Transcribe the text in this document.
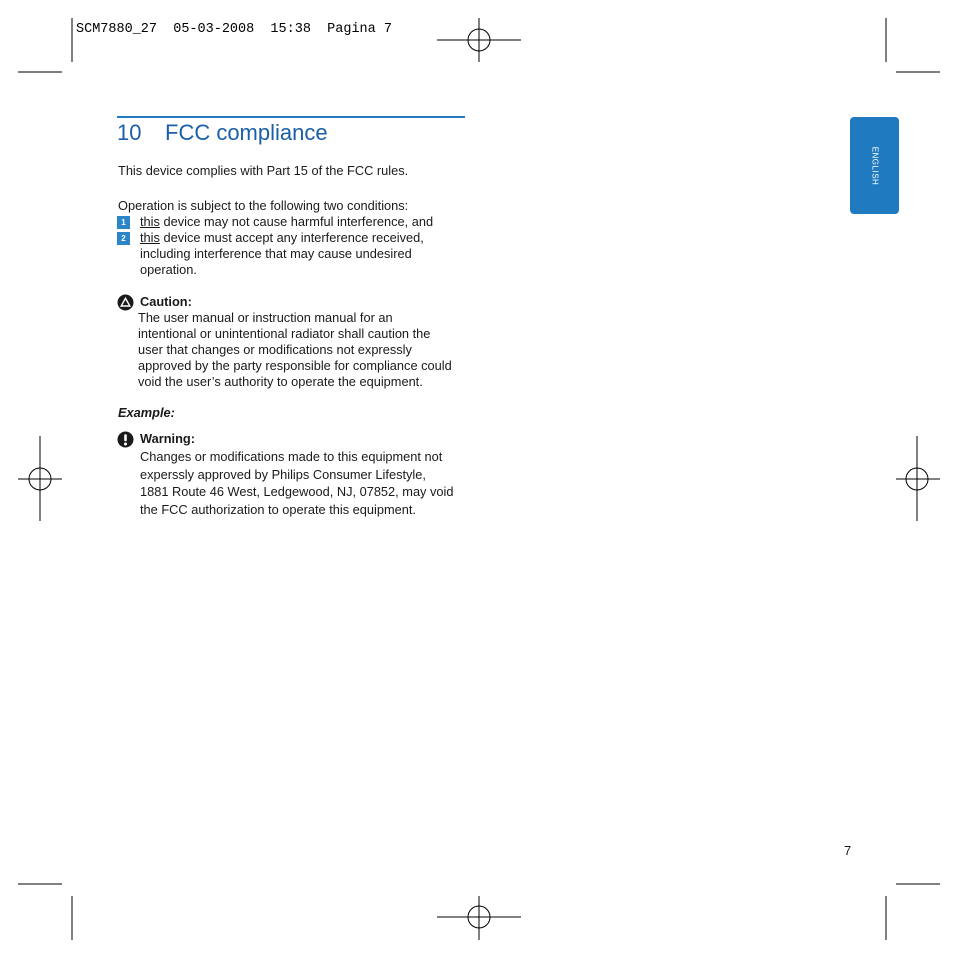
SCM7880_27  05-03-2008  15:38  Pagina 7
10 FCC compliance
This device complies with Part 15 of the FCC rules.
Operation is subject to the following two conditions:
1	this device may not cause harmful interference, and
2	this device must accept any interference received,
including interference that may cause undesired
operation.
Caution:
The user manual or instruction manual for an
intentional or unintentional radiator shall caution the
user that changes or modifications not expressly
approved by the party responsible for compliance could
void the user’s authority to operate the equipment.
Example:
Warning:
Changes or modifications made to this equipment not
experssly approved by Philips Consumer Lifestyle,
1881 Route 46 West, Ledgewood, NJ, 07852, may void
the FCC authorization to operate this equipment.
ENGLISH
7
